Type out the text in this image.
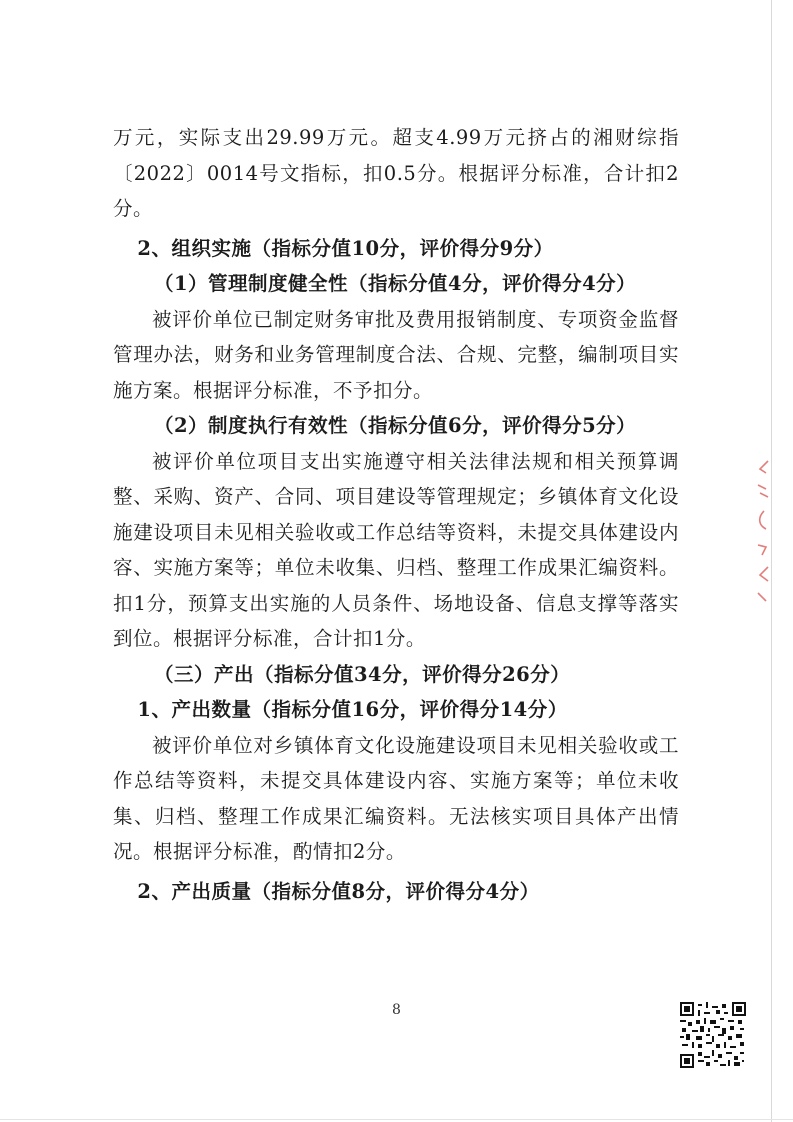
万元，实际支出29.99万元。超支4.99万元挤占的湘财综指〔2022〕0014号文指标，扣0.5分。根据评分标准，合计扣2分。

2、组织实施（指标分值10分，评价得分9分）

（1）管理制度健全性（指标分值4分，评价得分4分）

被评价单位已制定财务审批及费用报销制度、专项资金监督管理办法，财务和业务管理制度合法、合规、完整，编制项目实施方案。根据评分标准，不予扣分。

（2）制度执行有效性（指标分值6分，评价得分5分）

被评价单位项目支出实施遵守相关法律法规和相关预算调整、采购、资产、合同、项目建设等管理规定；乡镇体育文化设施建设项目未见相关验收或工作总结等资料，未提交具体建设内容、实施方案等；单位未收集、归档、整理工作成果汇编资料。扣1分，预算支出实施的人员条件、场地设备、信息支撑等落实到位。根据评分标准，合计扣1分。

（三）产出（指标分值34分，评价得分26分）

1、产出数量（指标分值16分，评价得分14分）

被评价单位对乡镇体育文化设施建设项目未见相关验收或工作总结等资料，未提交具体建设内容、实施方案等；单位未收集、归档、整理工作成果汇编资料。无法核实项目具体产出情况。根据评分标准，酌情扣2分。

2、产出质量（指标分值8分，评价得分4分）

8
